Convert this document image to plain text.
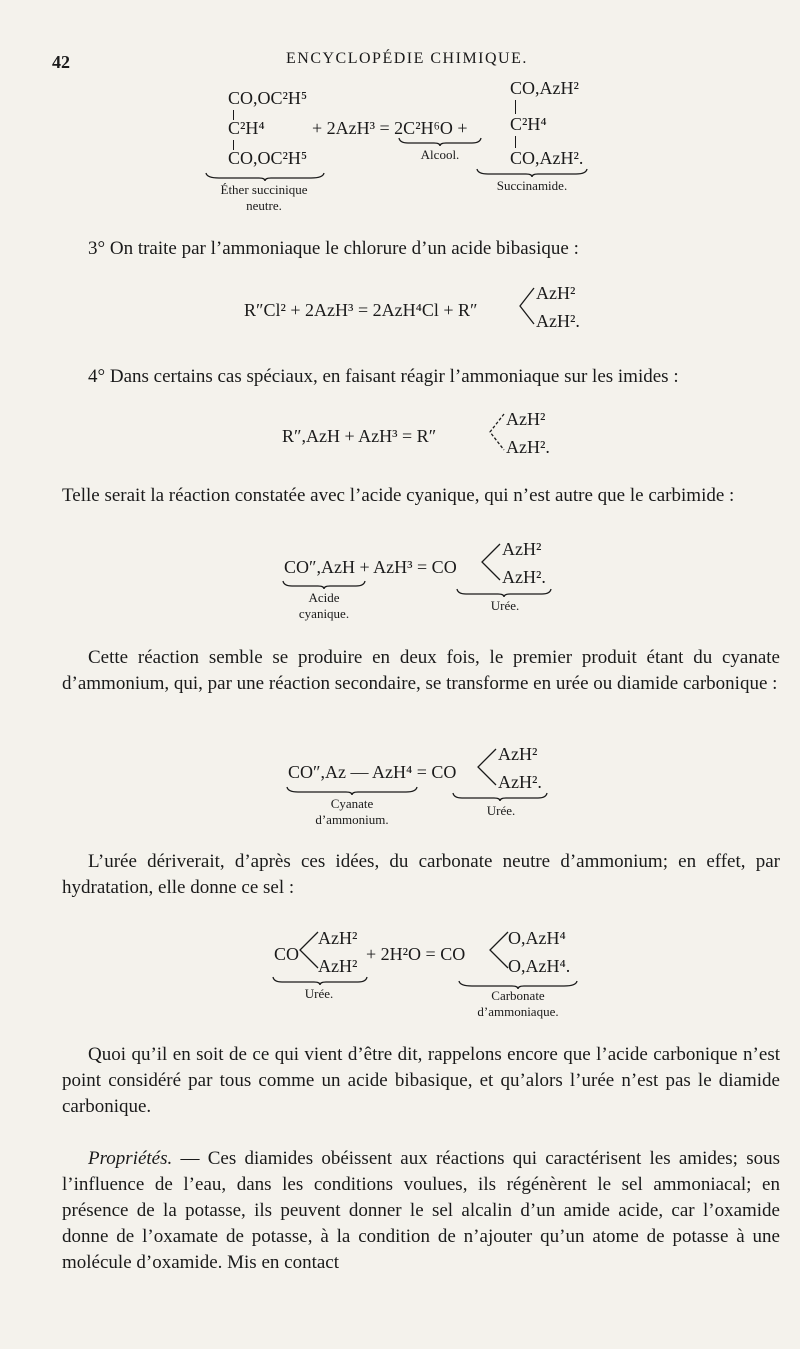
42	ENCYCLOPÉDIE CHIMIQUE.
CO,OC²H⁵
C²H⁴
CO,OC²H⁵
+ 2AzH³ = 2C²H⁶O +
CO,AzH²
C²H⁴
CO,AzH².
Éther succinique
neutre.
Alcool.
Succinamide.
3° On traite par l’ammoniaque le chlorure d’un acide bibasique :
R″Cl² + 2AzH³ = 2AzH⁴Cl + R″
AzH²
AzH².
4° Dans certains cas spéciaux, en faisant réagir l’ammoniaque sur les imides :
R″,AzH + AzH³ = R″
AzH²
AzH².
Telle serait la réaction constatée avec l’acide cyanique, qui n’est autre que le carbimide :
CO″,AzH + AzH³ = CO
AzH²
AzH².
Acide
cyanique.
Urée.
Cette réaction semble se produire en deux fois, le premier produit étant du cyanate d’ammonium, qui, par une réaction secondaire, se transforme en urée ou diamide carbonique :
CO″,Az — AzH⁴ = CO
AzH²
AzH².
Cyanate
d’ammonium.
Urée.
L’urée dériverait, d’après ces idées, du carbonate neutre d’ammonium; en effet, par hydratation, elle donne ce sel :
CO
AzH²
AzH²
+ 2H²O = CO
O,AzH⁴
O,AzH⁴.
Urée.	Carbonate
d’ammoniaque.
Quoi qu’il en soit de ce qui vient d’être dit, rappelons encore que l’acide carbonique n’est point considéré par tous comme un acide bibasique, et qu’alors l’urée n’est pas le diamide carbonique.
Propriétés. — Ces diamides obéissent aux réactions qui caractérisent les amides; sous l’influence de l’eau, dans les conditions voulues, ils régénèrent le sel ammoniacal; en présence de la potasse, ils peuvent donner le sel alcalin d’un amide acide, car l’oxamide donne de l’oxamate de potasse, à la condition de n’ajouter qu’un atome de potasse à une molécule d’oxamide. Mis en contact
